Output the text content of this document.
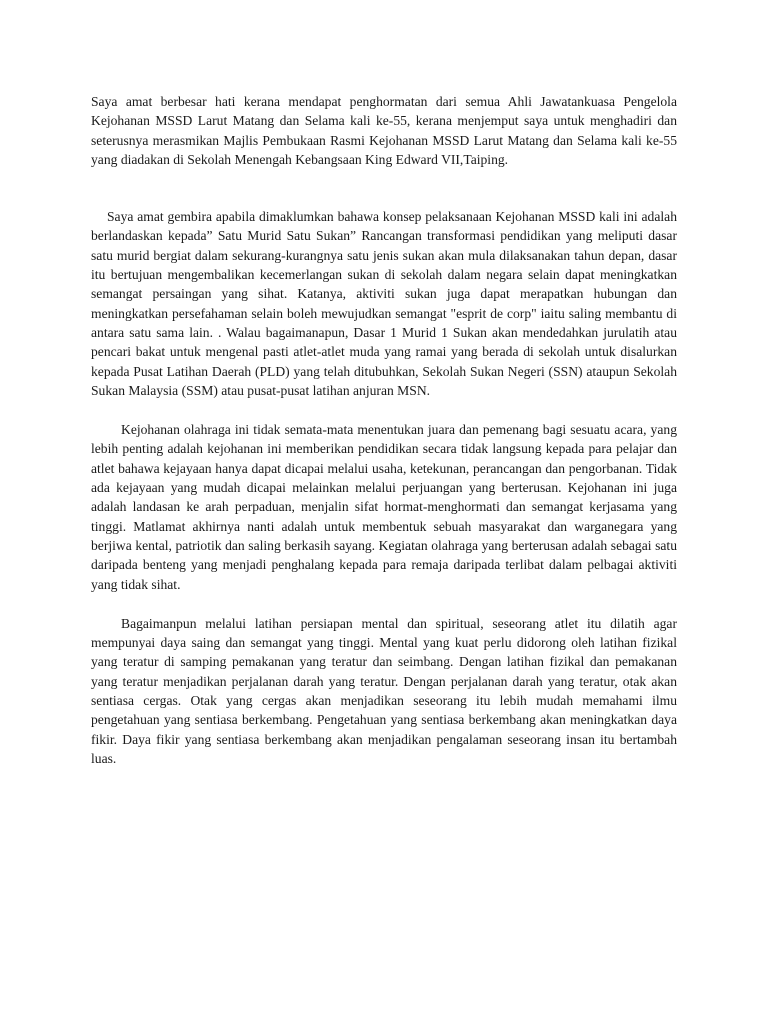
Saya amat berbesar hati kerana mendapat penghormatan dari semua Ahli Jawatankuasa Pengelola Kejohanan MSSD Larut Matang dan Selama kali ke-55, kerana menjemput saya untuk menghadiri dan seterusnya merasmikan Majlis Pembukaan Rasmi Kejohanan MSSD Larut Matang dan Selama kali ke-55 yang diadakan di Sekolah Menengah Kebangsaan King Edward VII,Taiping.

Saya amat gembira apabila dimaklumkan bahawa konsep pelaksanaan Kejohanan MSSD kali ini adalah berlandaskan kepada” Satu Murid Satu Sukan” Rancangan transformasi pendidikan yang meliputi dasar satu murid bergiat dalam sekurang-kurangnya satu jenis sukan akan mula dilaksanakan tahun depan, dasar itu bertujuan mengembalikan kecemerlangan sukan di sekolah dalam negara selain dapat meningkatkan semangat persaingan yang sihat. Katanya, aktiviti sukan juga dapat merapatkan hubungan dan meningkatkan persefahaman selain boleh mewujudkan semangat "esprit de corp" iaitu saling membantu di antara satu sama lain. . Walau bagaimanapun, Dasar 1 Murid 1 Sukan akan mendedahkan jurulatih atau pencari bakat untuk mengenal pasti atlet-atlet muda yang ramai yang berada di sekolah untuk disalurkan kepada Pusat Latihan Daerah (PLD) yang telah ditubuhkan, Sekolah Sukan Negeri (SSN) ataupun Sekolah Sukan Malaysia (SSM) atau pusat-pusat latihan anjuran MSN.

Kejohanan olahraga ini tidak semata-mata menentukan juara dan pemenang bagi sesuatu acara, yang lebih penting adalah kejohanan ini memberikan pendidikan secara tidak langsung kepada para pelajar dan atlet bahawa kejayaan hanya dapat dicapai melalui usaha, ketekunan, perancangan dan pengorbanan. Tidak ada kejayaan yang mudah dicapai melainkan melalui perjuangan yang berterusan. Kejohanan ini juga adalah landasan ke arah perpaduan, menjalin sifat hormat-menghormati dan semangat kerjasama yang tinggi. Matlamat akhirnya nanti adalah untuk membentuk sebuah masyarakat dan warganegara yang berjiwa kental, patriotik dan saling berkasih sayang. Kegiatan olahraga yang berterusan adalah sebagai satu daripada benteng yang menjadi penghalang kepada para remaja daripada terlibat dalam pelbagai aktiviti yang tidak sihat.

Bagaimanpun melalui latihan persiapan mental dan spiritual, seseorang atlet itu dilatih agar mempunyai daya saing dan semangat yang tinggi. Mental yang kuat perlu didorong oleh latihan fizikal yang teratur di samping pemakanan yang teratur dan seimbang. Dengan latihan fizikal dan pemakanan yang teratur menjadikan perjalanan darah yang teratur. Dengan perjalanan darah yang teratur, otak akan sentiasa cergas. Otak yang cergas akan menjadikan seseorang itu lebih mudah memahami ilmu pengetahuan yang sentiasa berkembang. Pengetahuan yang sentiasa berkembang akan meningkatkan daya fikir. Daya fikir yang sentiasa berkembang akan menjadikan pengalaman seseorang insan itu bertambah luas.
